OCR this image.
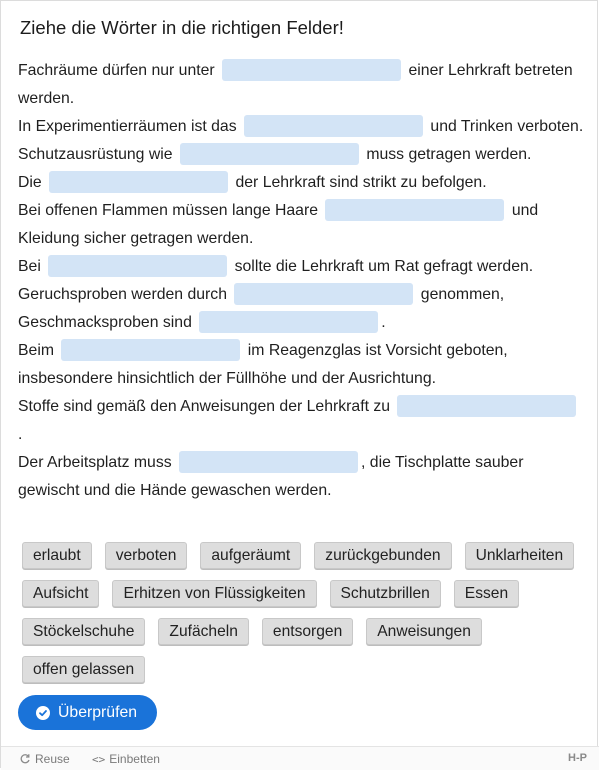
Ziehe die Wörter in die richtigen Felder!

Fachräume dürfen nur unter	einer Lehrkraft betreten werden.

In Experimentierräumen ist das	und Trinken verboten.

Schutzausrüstung wie	muss getragen werden.

Die	der Lehrkraft sind strikt zu befolgen.

Bei offenen Flammen müssen lange Haare	und Kleidung sicher getragen werden.

Bei	sollte die Lehrkraft um Rat gefragt werden.

Geruchsproben werden durch	genommen, Geschmacksproben sind	.

Beim	im Reagenzglas ist Vorsicht geboten, insbesondere hinsichtlich der Füllhöhe und der Ausrichtung.

Stoffe sind gemäß den Anweisungen der Lehrkraft zu  .

Der Arbeitsplatz muss	, die Tischplatte sauber gewischt und die Hände gewaschen werden.

erlaubt	verboten	aufgeräumt	zurückgebunden	Unklarheiten
Aufsicht	Erhitzen von Flüssigkeiten	Schutzbrillen	Essen
Stöckelschuhe	Zufächeln	entsorgen	Anweisungen
offen gelassen
Überprüfen
Reuse <> Einbetten	H-P
